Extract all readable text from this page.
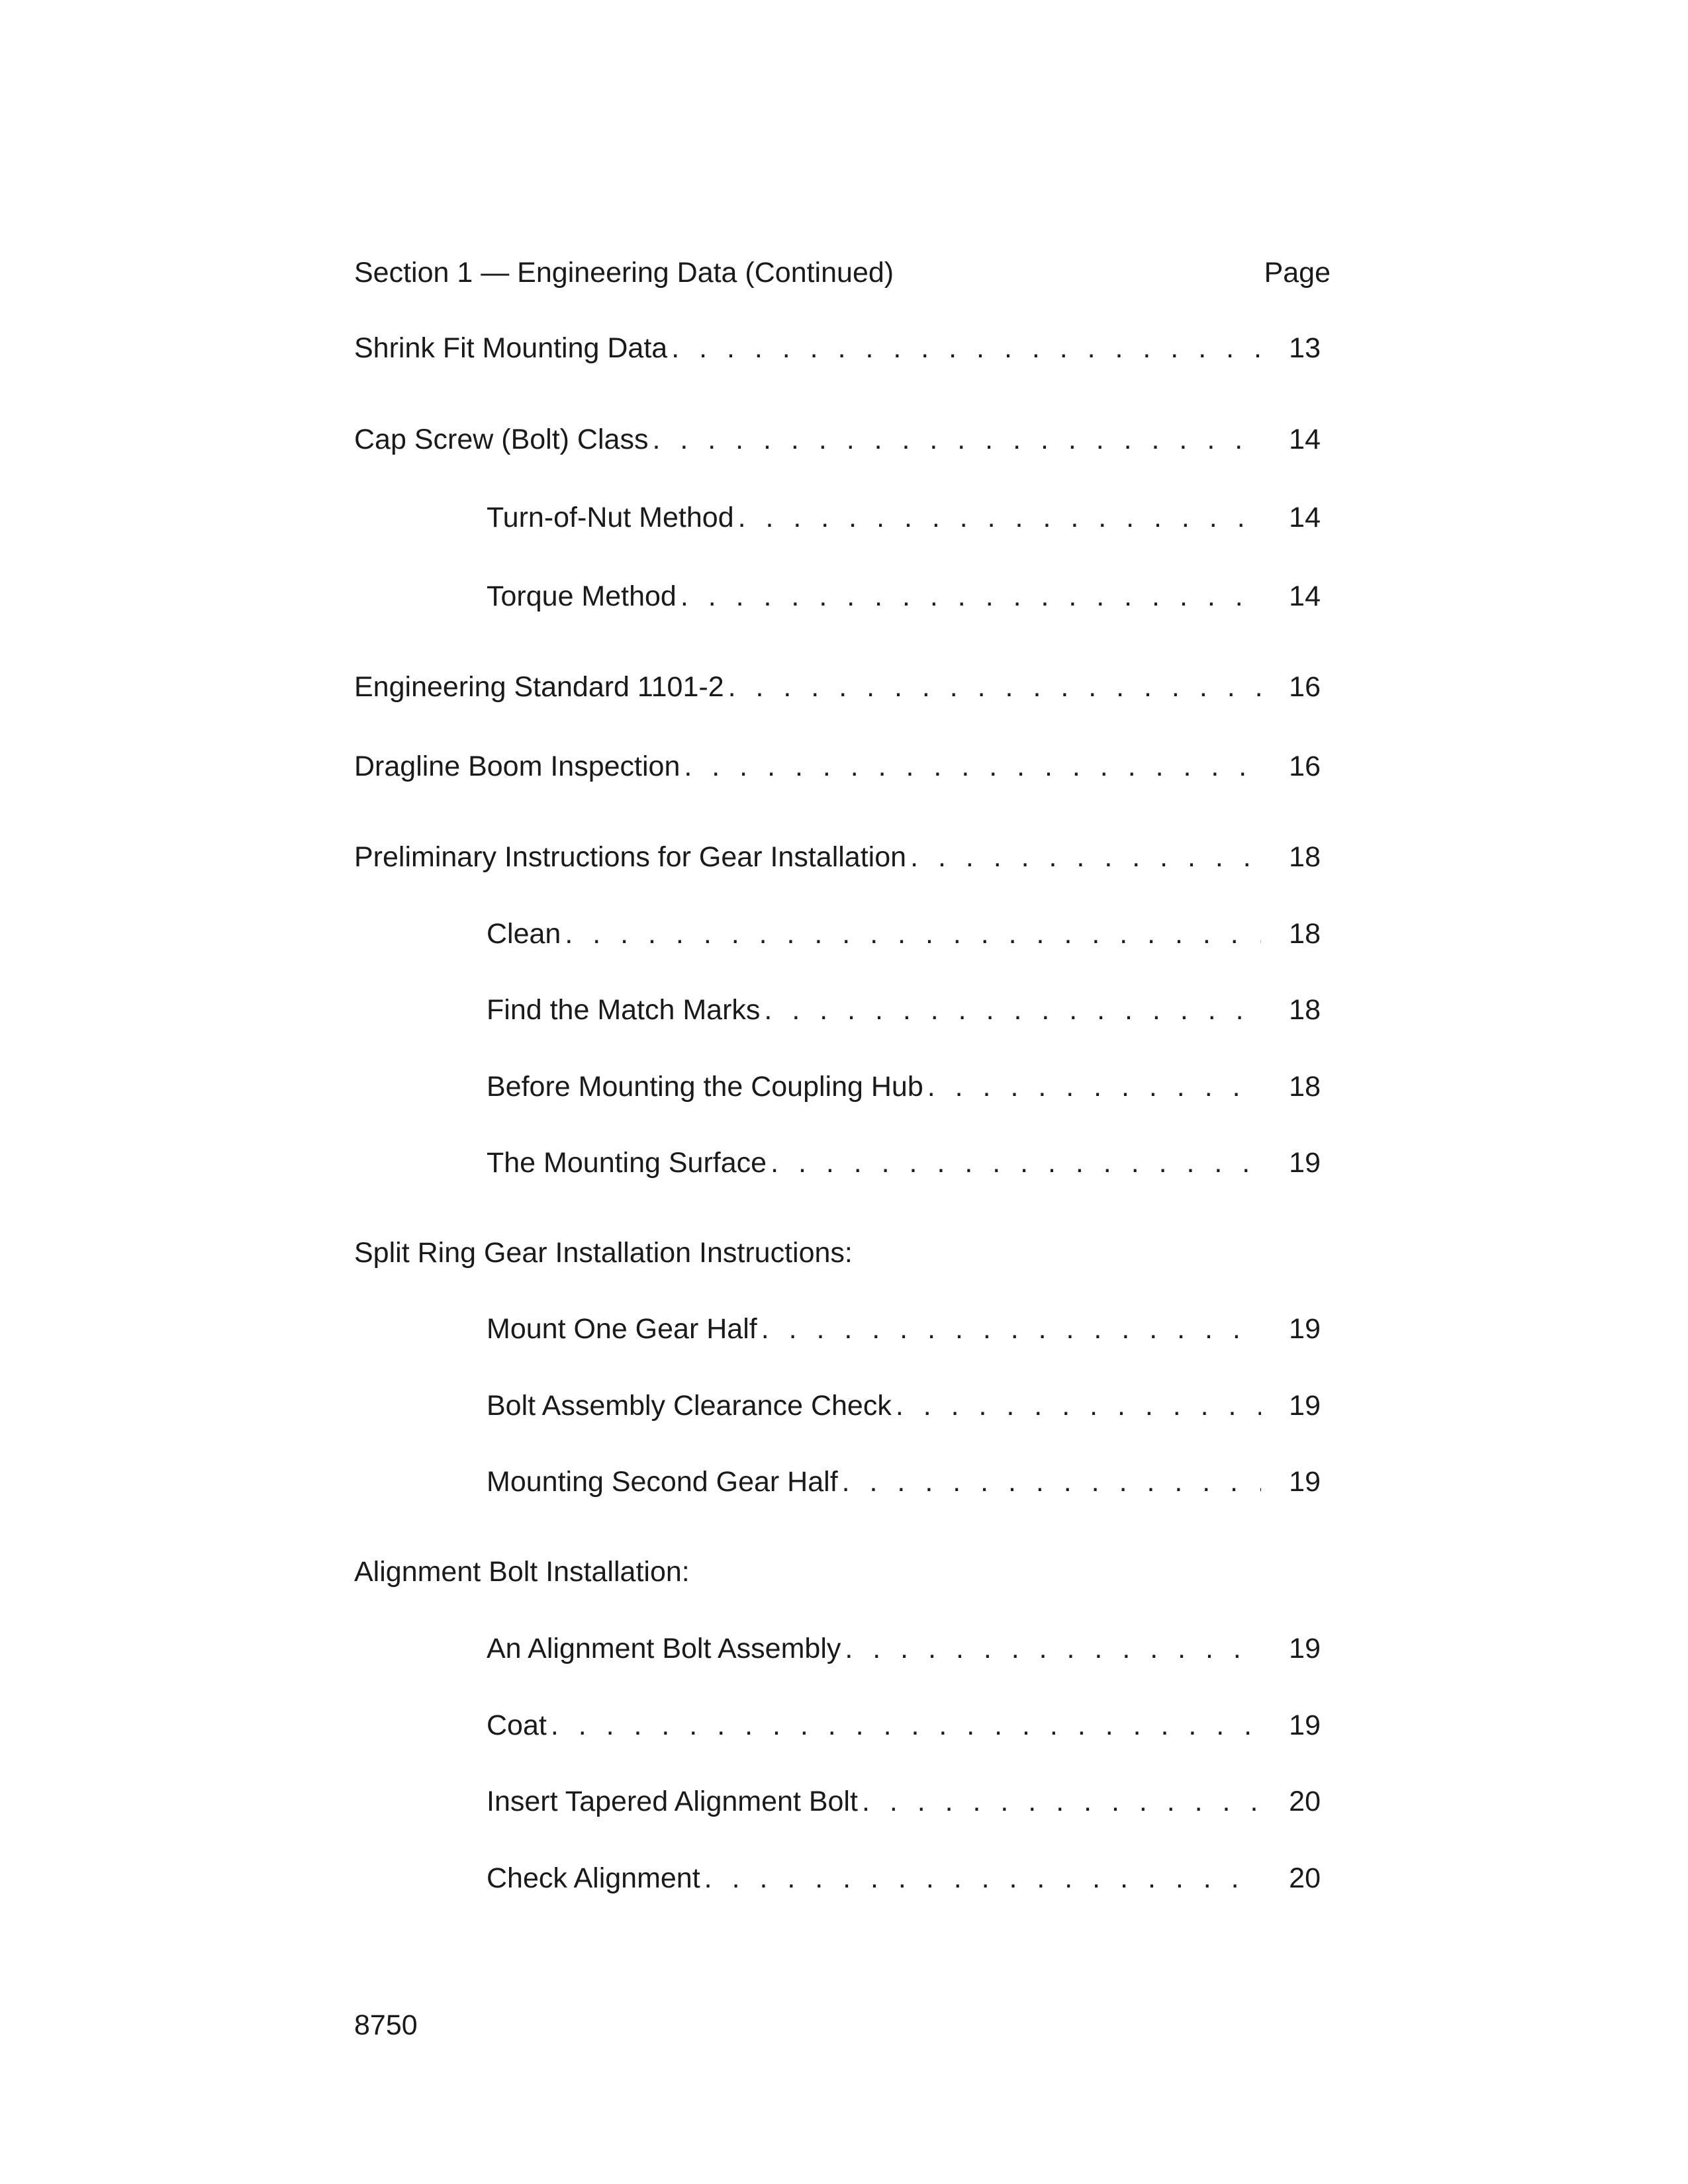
Section 1 — Engineering Data (Continued)	Page
Shrink Fit Mounting Data . . .	13
Cap Screw (Bolt) Class . . .	14
Turn-of-Nut Method . . .	14
Torque Method . . .	14
Engineering Standard 1101-2 . . .	16
Dragline Boom Inspection . . .	16
Preliminary Instructions for Gear Installation . . .	18
Clean . . .	18
Find the Match Marks . . .	18
Before Mounting the Coupling Hub . . .	18
The Mounting Surface . . .	19
Split Ring Gear Installation Instructions:
Mount One Gear Half . . .	19
Bolt Assembly Clearance Check . . .	19
Mounting Second Gear Half . . .	19
Alignment Bolt Installation:
An Alignment Bolt Assembly . . .	19
Coat . . .	19
Insert Tapered Alignment Bolt . . .	20
Check Alignment . . .	20
8750
